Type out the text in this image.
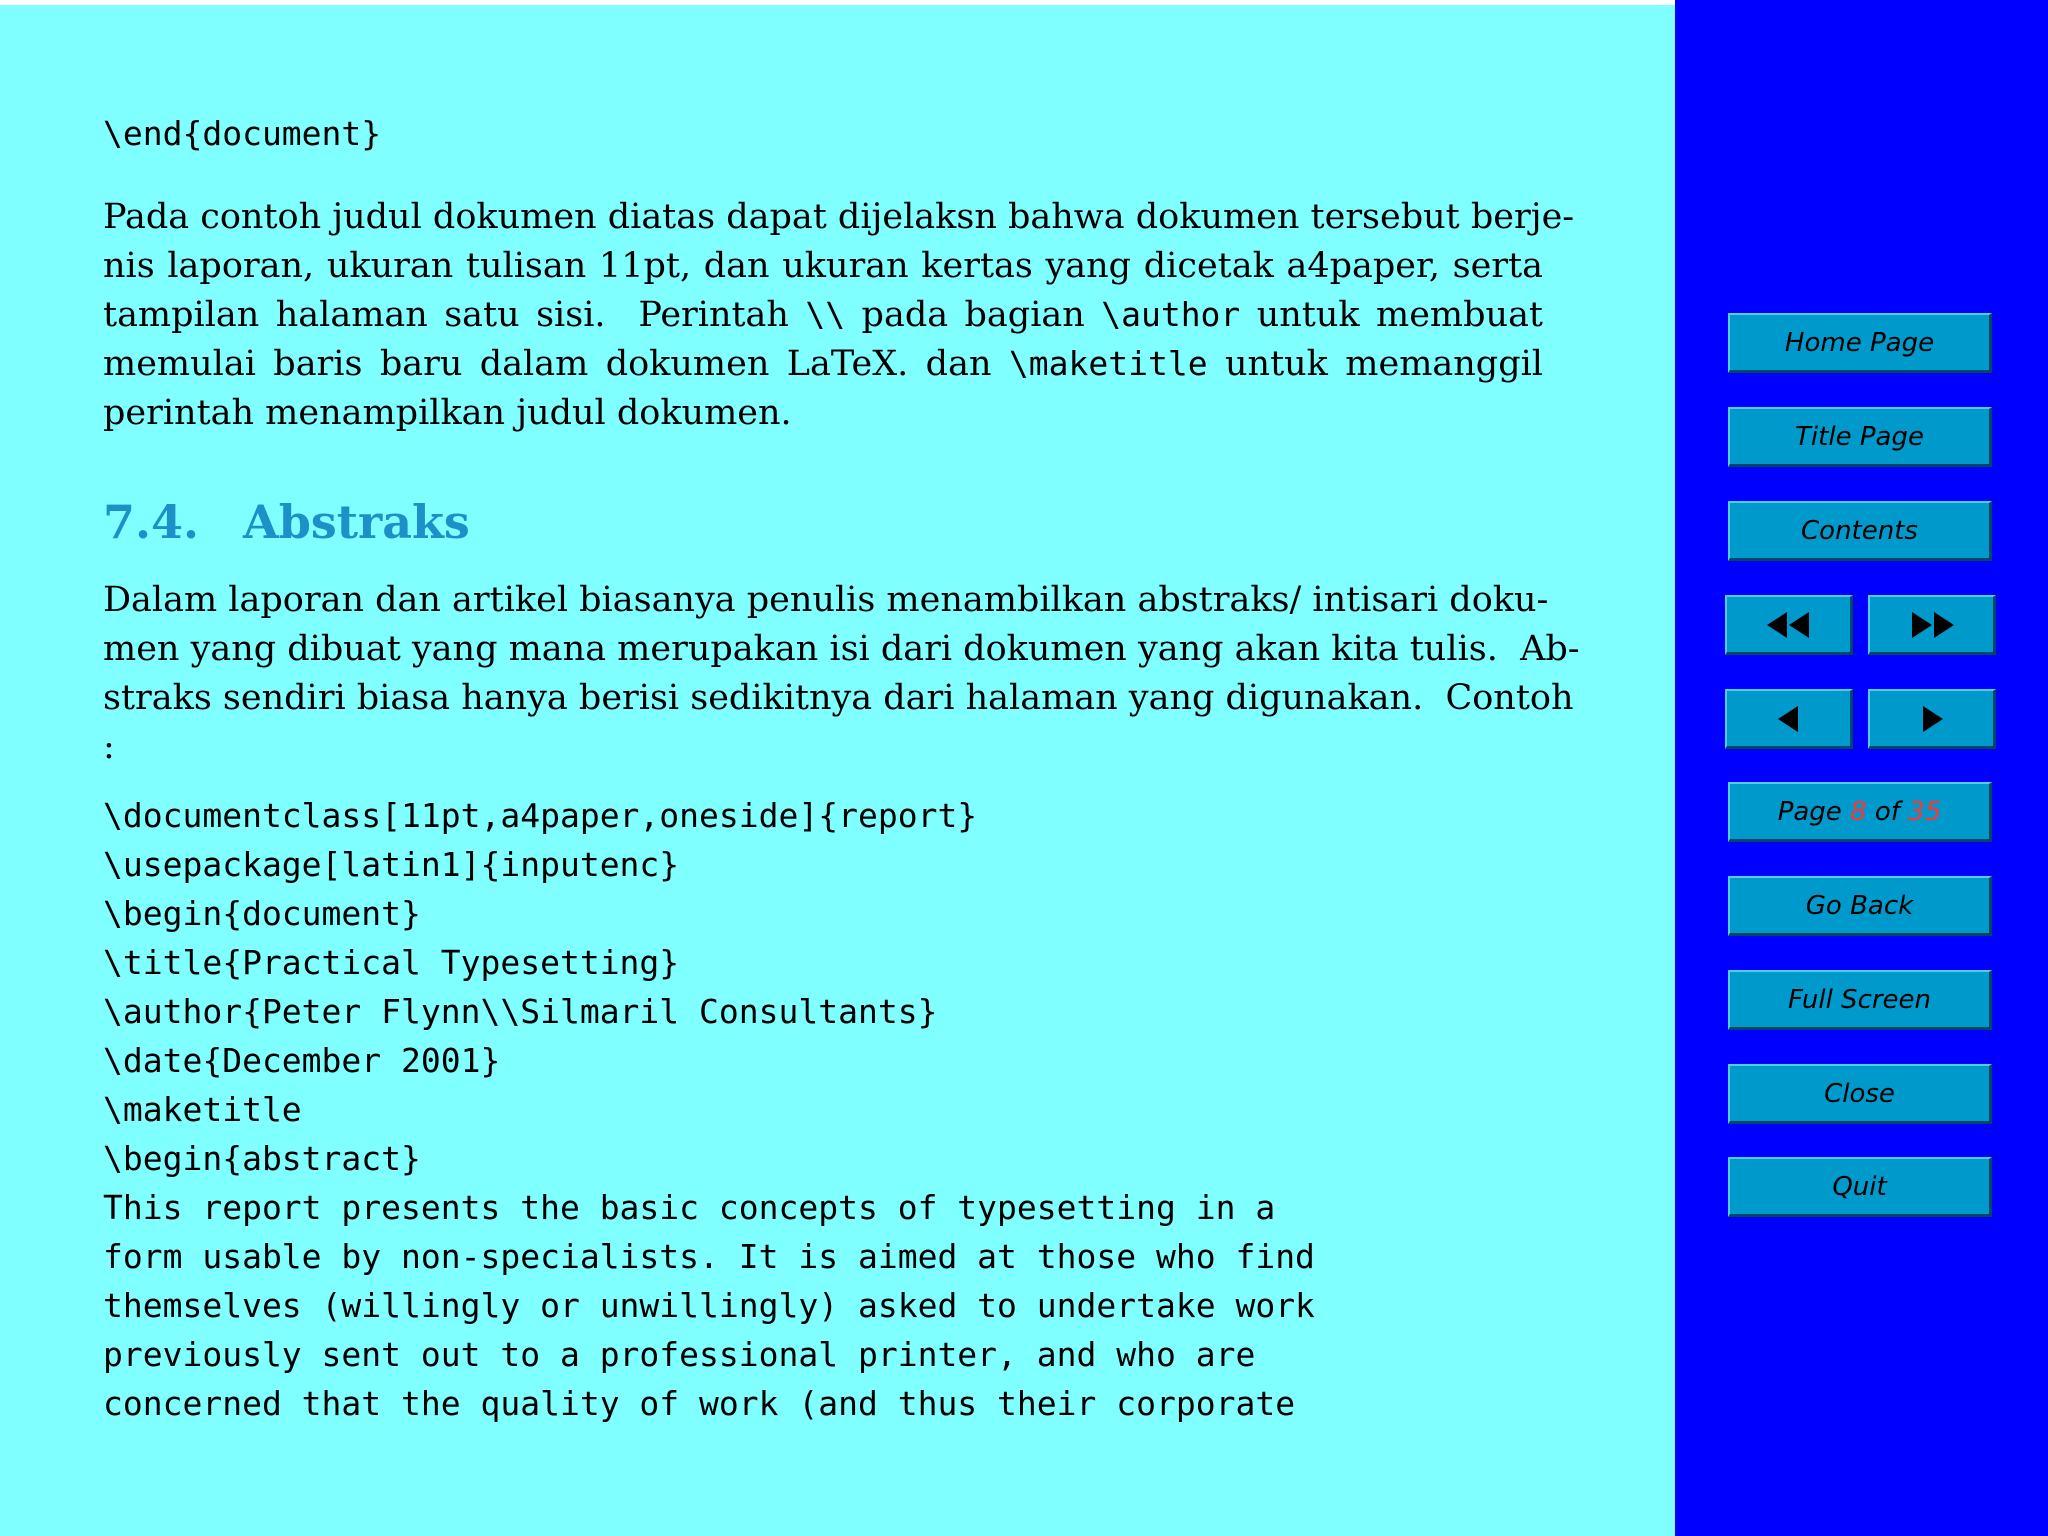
\end{document}
Pada contoh judul dokumen diatas dapat dijelaksn bahwa dokumen tersebut berje-
nis laporan, ukuran tulisan 11pt, dan ukuran kertas yang dicetak a4paper, serta
tampilan halaman satu sisi.  Perintah \\ pada bagian \author untuk membuat
memulai baris baru dalam dokumen LaTeX. dan \maketitle untuk memanggil
perintah menampilkan judul dokumen.
7.4. Abstraks
Dalam laporan dan artikel biasanya penulis menambilkan abstraks/ intisari doku-
men yang dibuat yang mana merupakan isi dari dokumen yang akan kita tulis.  Ab-
straks sendiri biasa hanya berisi sedikitnya dari halaman yang digunakan.  Contoh
:
\documentclass[11pt,a4paper,oneside]{report}
\usepackage[latin1]{inputenc}
\begin{document}
\title{Practical Typesetting}
\author{Peter Flynn\\Silmaril Consultants}
\date{December 2001}
\maketitle
\begin{abstract}
This report presents the basic concepts of typesetting in a
form usable by non-specialists. It is aimed at those who find
themselves (willingly or unwillingly) asked to undertake work
previously sent out to a professional printer, and who are
concerned that the quality of work (and thus their corporate
Home Page
Title Page
Contents
Page 8 of 35
Go Back
Full Screen
Close
Quit
